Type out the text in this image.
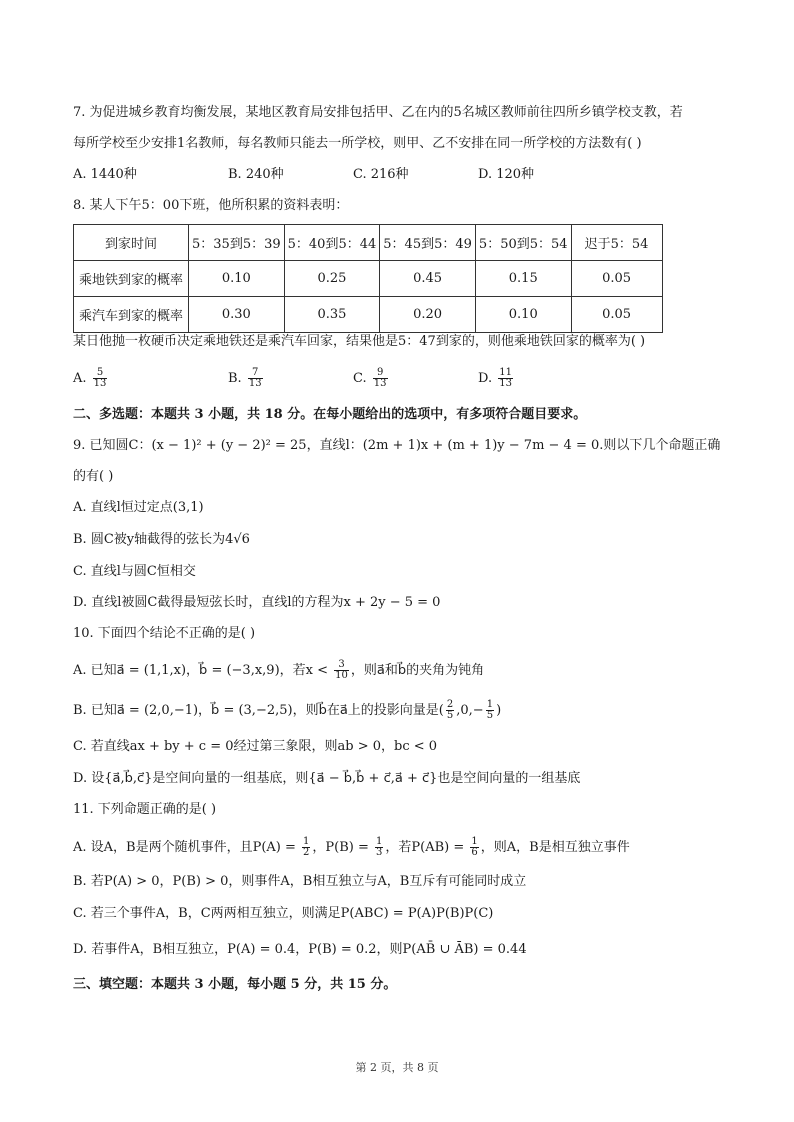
7. 为促进城乡教育均衡发展，某地区教育局安排包括甲、乙在内的5名城区教师前往四所乡镇学校支教，若
每所学校至少安排1名教师，每名教师只能去一所学校，则甲、乙不安排在同一所学校的方法数有( )
A. 1440种	B. 240种	C. 216种	D. 120种
8. 某人下午5：00下班，他所积累的资料表明：
到家时间	5：35到5：39	5：40到5：44	5：45到5：49	5：50到5：54	迟于5：54
乘地铁到家的概率	0.10	0.25	0.45	0.15	0.05
乘汽车到家的概率	0.30	0.35	0.20	0.10	0.05
某日他抛一枚硬币决定乘地铁还是乘汽车回家，结果他是5：47到家的，则他乘地铁回家的概率为( )
A. $\frac{5}{13}$	B. $\frac{7}{13}$	C. $\frac{9}{13}$	D. $\frac{11}{13}$
二、多选题：本题共 3 小题，共 18 分。在每小题给出的选项中，有多项符合题目要求。
9. 已知圆C：(x − 1)² + (y − 2)² = 25，直线l：(2m + 1)x + (m + 1)y − 7m − 4 = 0.则以下几个命题正确
的有( )
A. 直线l恒过定点(3,1)
B. 圆C被y轴截得的弦长为4√6
C. 直线l与圆C恒相交
D. 直线l被圆C截得最短弦长时，直线l的方程为x + 2y − 5 = 0
10. 下面四个结论不正确的是( )
A. 已知a⃗ = (1,1,x)，b⃗ = (−3,x,9)，若$x < \frac{3}{10}$ ，则a⃗和b⃗的夹角为钝角
B. 已知a⃗ = (2,0,−1)，b⃗ = (3,−2,5)，则b⃗在a⃗上的投影向量是( $\frac{2}{5} ,0,- \frac{1}{5}$ )
C. 若直线ax + by + c = 0经过第三象限，则ab > 0，bc < 0
D. 设{a⃗,b⃗,c⃗}是空间向量的一组基底，则{a⃗ − b⃗,b⃗ + c⃗,a⃗ + c⃗}也是空间向量的一组基底
11. 下列命题正确的是( )
A. 设A，B是两个随机事件，且$P(A) = \frac{1}{2}$ ，$P(B) = \frac{1}{3}$ ，若$P(AB) = \frac{1}{6}$ ，则A，B是相互独立事件
B. 若P(A) > 0，P(B) > 0，则事件A，B相互独立与A，B互斥有可能同时成立
C. 若三个事件A，B，C两两相互独立，则满足P(ABC) = P(A)P(B)P(C)
D. 若事件A，B相互独立，P(A) = 0.4，P(B) = 0.2，则P(AB̄ ∪ ĀB) = 0.44
三、填空题：本题共 3 小题，每小题 5 分，共 15 分。
第 2 页，共 8 页
